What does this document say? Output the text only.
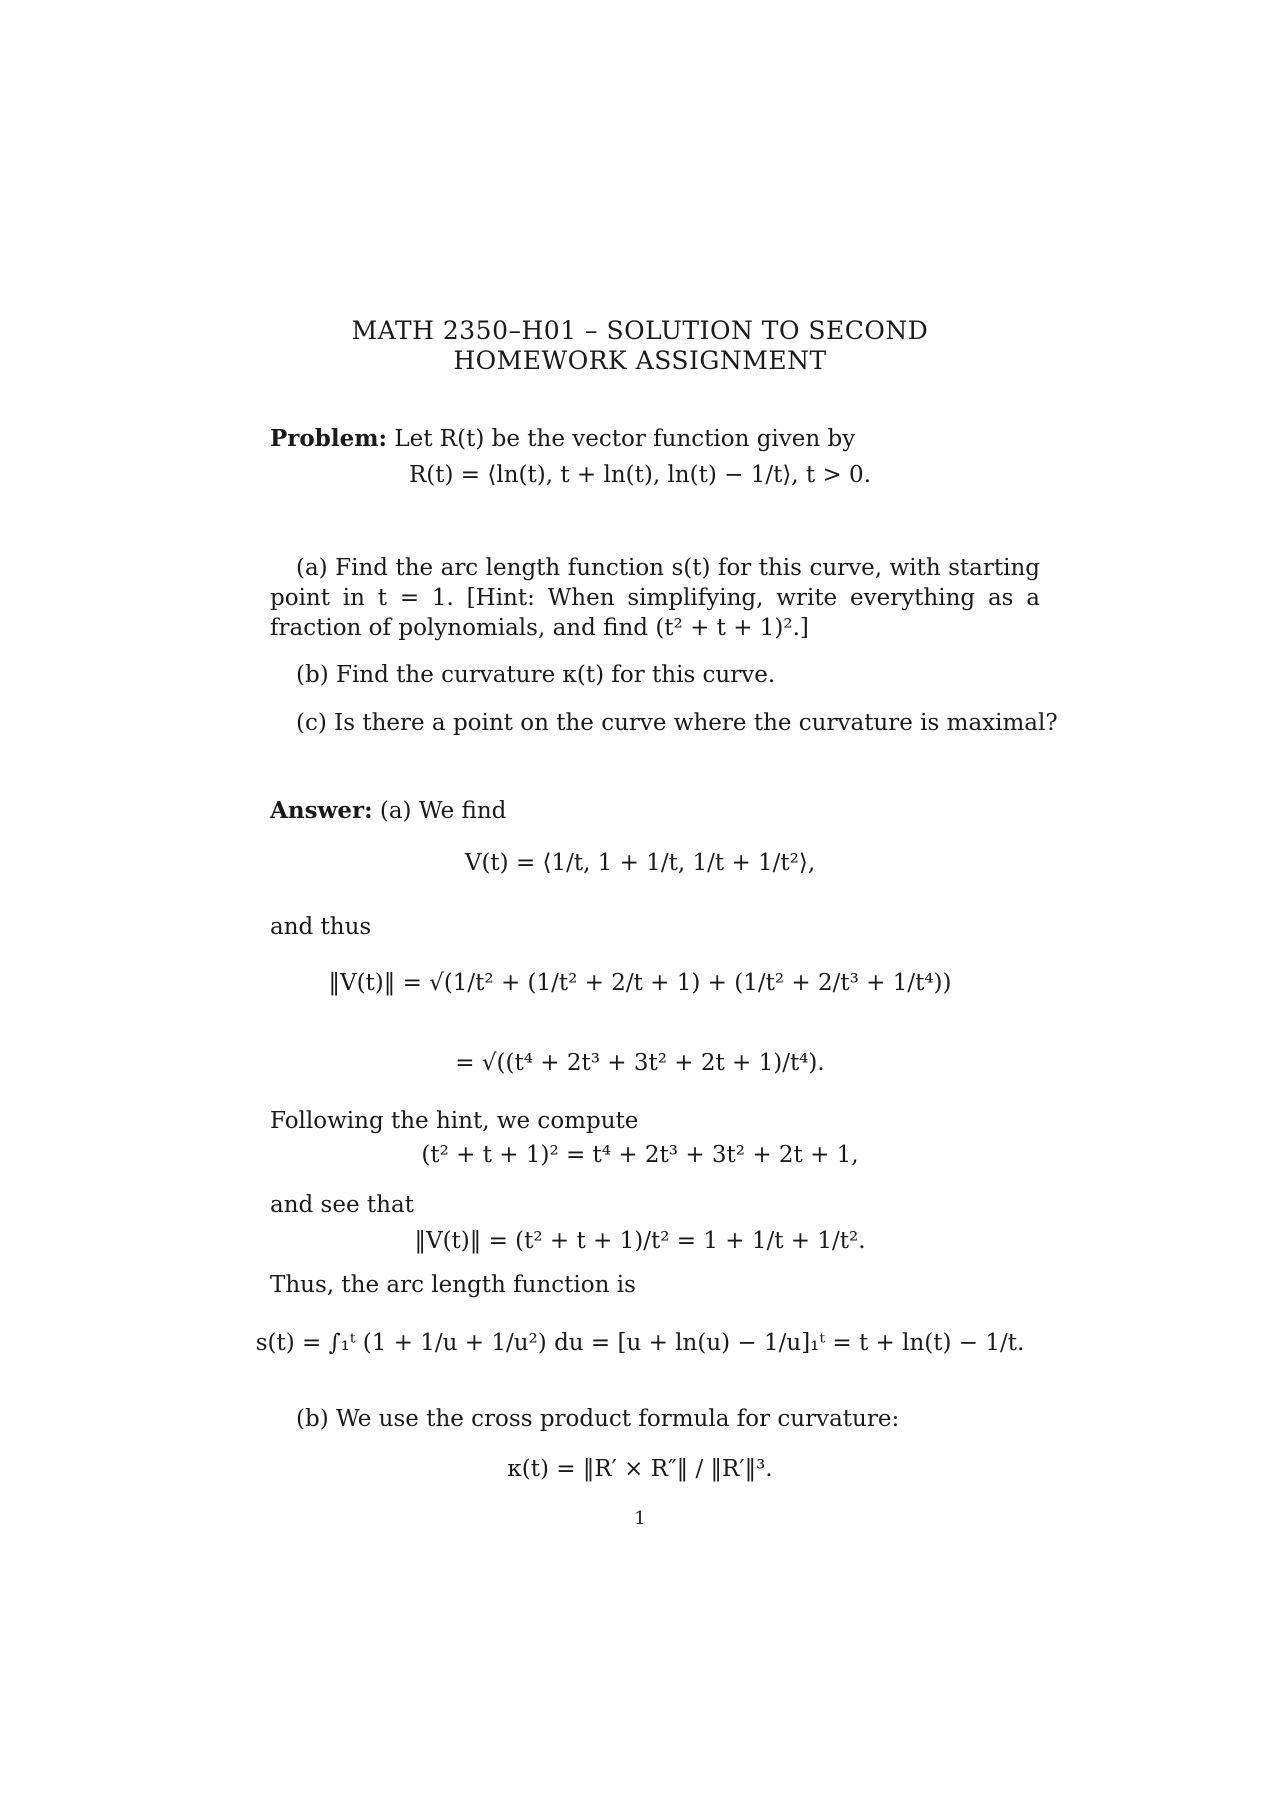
MATH 2350–H01 – SOLUTION TO SECOND
HOMEWORK ASSIGNMENT
Problem: Let R(t) be the vector function given by
R(t) = ⟨ln(t), t + ln(t), ln(t) − 1/t⟩, t > 0.
(a) Find the arc length function s(t) for this curve, with starting point in t = 1. [Hint: When simplifying, write everything as a fraction of polynomials, and find (t² + t + 1)².]
(b) Find the curvature κ(t) for this curve.
(c) Is there a point on the curve where the curvature is maximal?
Answer: (a) We find
V(t) = ⟨1/t, 1 + 1/t, 1/t + 1/t²⟩,
and thus
‖V(t)‖ = √(1/t² + (1/t² + 2/t + 1) + (1/t² + 2/t³ + 1/t⁴))
= √((t⁴ + 2t³ + 3t² + 2t + 1)/t⁴).
Following the hint, we compute
(t² + t + 1)² = t⁴ + 2t³ + 3t² + 2t + 1,
and see that
‖V(t)‖ = (t² + t + 1)/t² = 1 + 1/t + 1/t².
Thus, the arc length function is
s(t) = ∫₁ᵗ (1 + 1/u + 1/u²) du = [u + ln(u) − 1/u]₁ᵗ = t + ln(t) − 1/t.
(b) We use the cross product formula for curvature:
κ(t) = ‖R′ × R″‖ / ‖R′‖³.
1
